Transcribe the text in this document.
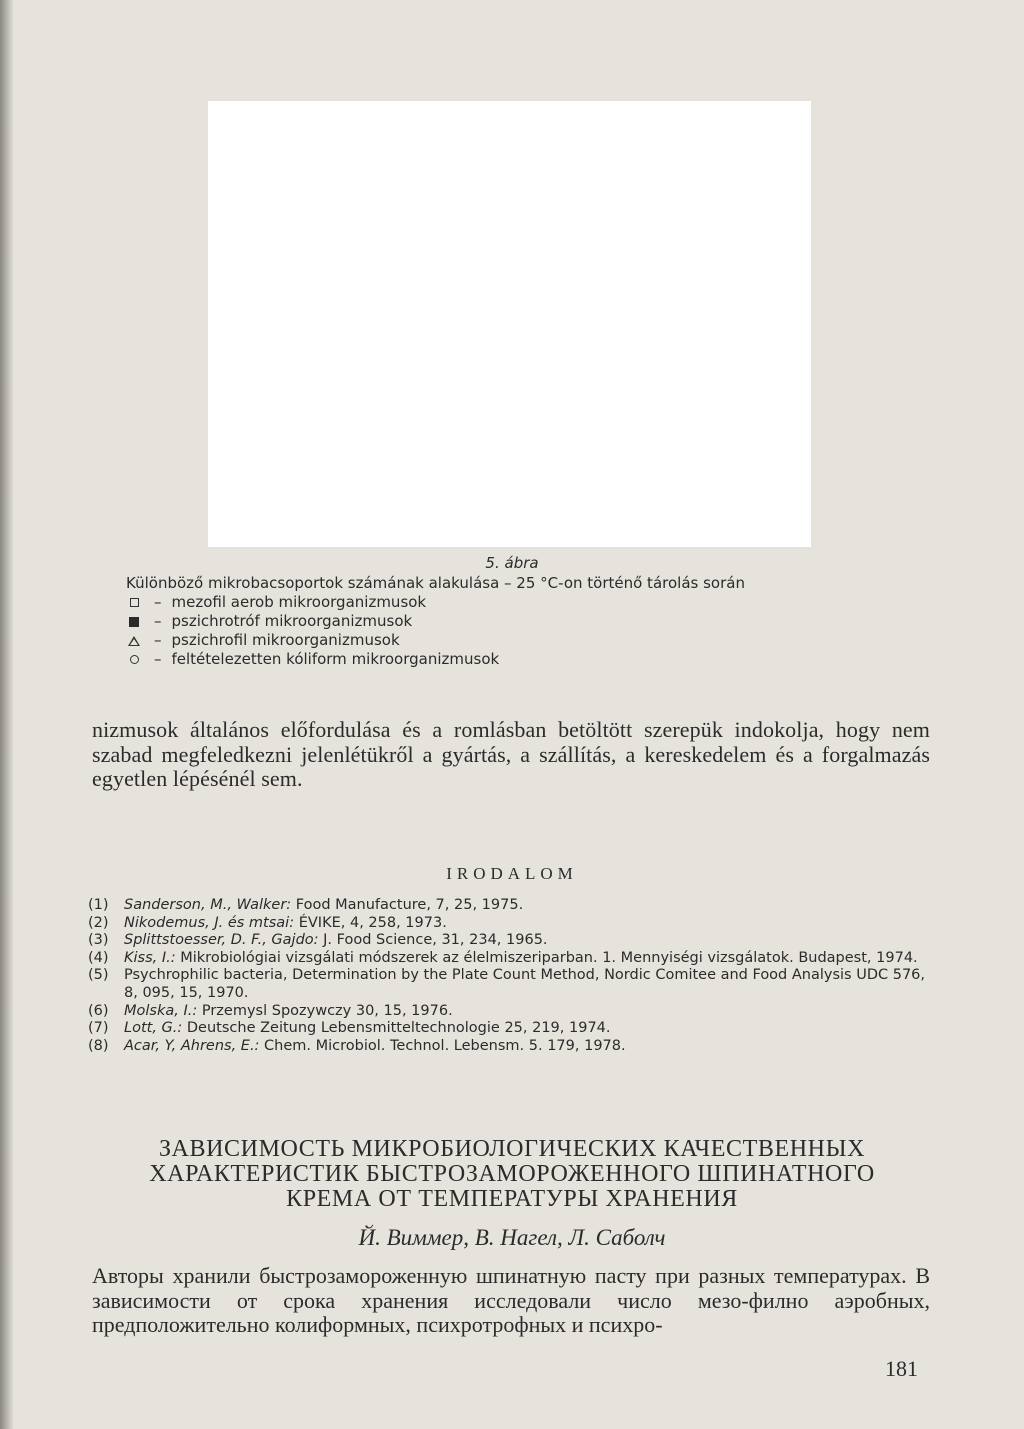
5. ábra
Különböző mikrobacsoportok számának alakulása – 25 °C-on történő tárolás során
– mezofil aerob mikroorganizmusok
– pszichrotróf mikroorganizmusok
– pszichrofil mikroorganizmusok
– feltételezetten kóliform mikroorganizmusok
nizmusok általános előfordulása és a romlásban betöltött szerepük indokolja, hogy nem szabad megfeledkezni jelenlétükről a gyártás, a szállítás, a kereskedelem és a forgalmazás egyetlen lépésénél sem.
IRODALOM
(1)	Sanderson, M., Walker: Food Manufacture, 7, 25, 1975.
(2)	Nikodemus, J. és mtsai: ÉVIKE, 4, 258, 1973.
(3)	Splittstoesser, D. F., Gajdo: J. Food Science, 31, 234, 1965.
(4)	Kiss, I.: Mikrobiológiai vizsgálati módszerek az élelmiszeriparban. 1. Mennyiségi vizsgálatok. Budapest, 1974.
(5)	Psychrophilic bacteria, Determination by the Plate Count Method, Nordic Comitee and Food Analysis UDC 576, 8, 095, 15, 1970.
(6)	Molska, I.: Przemysl Spozywczy 30, 15, 1976.
(7)	Lott, G.: Deutsche Zeitung Lebensmitteltechnologie 25, 219, 1974.
(8)	Acar, Y, Ahrens, E.: Chem. Microbiol. Technol. Lebensm. 5. 179, 1978.
ЗАВИСИМОСТЬ МИКРОБИОЛОГИЧЕСКИХ КАЧЕСТВЕННЫХ
ХАРАКТЕРИСТИК БЫСТРОЗАМОРОЖЕННОГО ШПИНАТНОГО
КРЕМА ОТ ТЕМПЕРАТУРЫ ХРАНЕНИЯ
Й. Виммер, В. Нагел, Л. Саболч
Авторы хранили быстрозамороженную шпинатную пасту при разных температурах. В зависимости от срока хранения исследовали число мезо-филно аэробных, предположительно колиформных, психротрофных и психро-
181
